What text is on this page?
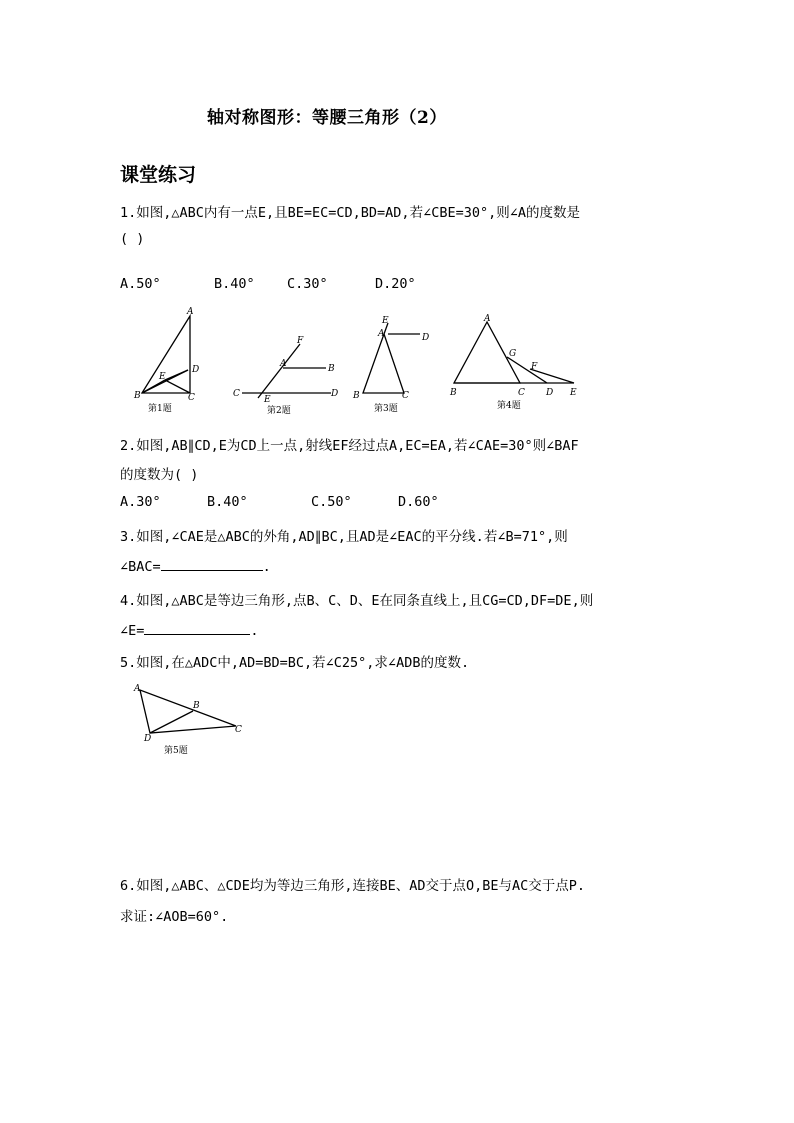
轴对称图形：等腰三角形（2）
课堂练习
1.如图,△ABC内有一点E,且BE=EC=CD,BD=AD,若∠CBE=30°,则∠A的度数是
( )
A.50°	B.40° C.30°	D.20°
A
D
E
B	C
第1题
F
A	B
C
E
D
第2题
E
A	D
B	C
第3题
A
G
F
B	C D E
第4题
A
B
D
C
第5题
2.如图,AB∥CD,E为CD上一点,射线EF经过点A,EC=EA,若∠CAE=30°则∠BAF
的度数为( )
A.30°	B.40°	C.50°	D.60°
3.如图,∠CAE是△ABC的外角,AD∥BC,且AD是∠EAC的平分线.若∠B=71°,则
∠BAC=	.
4.如图,△ABC是等边三角形,点B、C、D、E在同条直线上,且CG=CD,DF=DE,则
∠E=	.
5.如图,在△ADC中,AD=BD=BC,若∠C25°,求∠ADB的度数.
6.如图,△ABC、△CDE均为等边三角形,连接BE、AD交于点O,BE与AC交于点P.
求证:∠AOB=60°.
